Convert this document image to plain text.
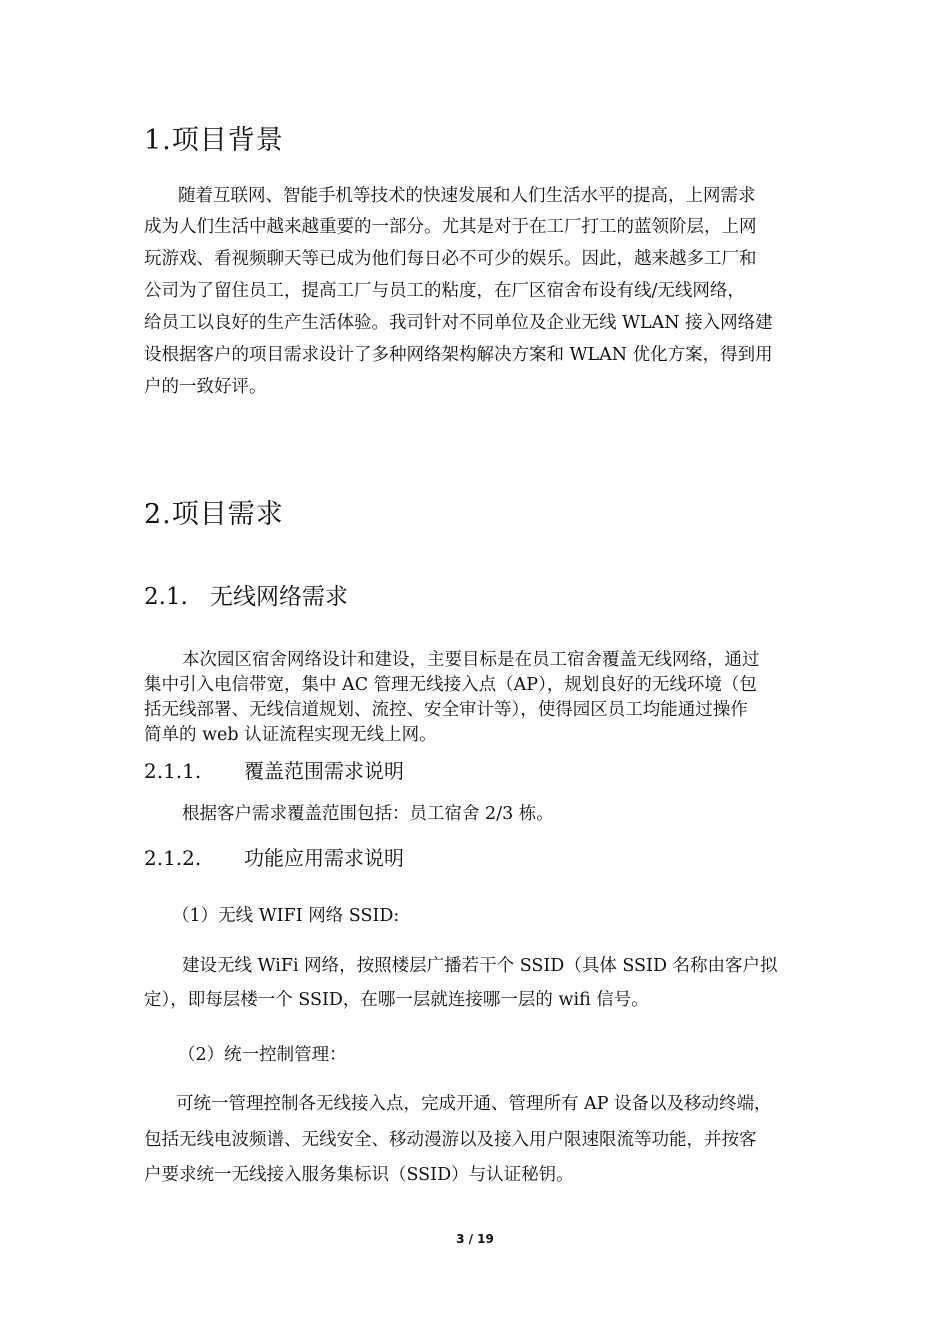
1.项目背景
随着互联网、智能手机等技术的快速发展和人们生活水平的提高，上网需求
成为人们生活中越来越重要的一部分。尤其是对于在工厂打工的蓝领阶层，上网
玩游戏、看视频聊天等已成为他们每日必不可少的娱乐。因此，越来越多工厂和
公司为了留住员工，提高工厂与员工的粘度，在厂区宿舍布设有线/无线网络，
给员工以良好的生产生活体验。我司针对不同单位及企业无线 WLAN 接入网络建
设根据客户的项目需求设计了多种网络架构解决方案和 WLAN 优化方案，得到用
户的一致好评。
2.项目需求
2.1. 无线网络需求
本次园区宿舍网络设计和建设，主要目标是在员工宿舍覆盖无线网络，通过
集中引入电信带宽，集中 AC 管理无线接入点（AP），规划良好的无线环境（包
括无线部署、无线信道规划、流控、安全审计等），使得园区员工均能通过操作
简单的 web 认证流程实现无线上网。
2.1.1. 覆盖范围需求说明
根据客户需求覆盖范围包括：员工宿舍 2/3 栋。
2.1.2. 功能应用需求说明
（1）无线 WIFI 网络 SSID:
建设无线 WiFi 网络，按照楼层广播若干个 SSID（具体 SSID 名称由客户拟
定），即每层楼一个 SSID，在哪一层就连接哪一层的 wifi 信号。
（2）统一控制管理：
可统一管理控制各无线接入点，完成开通、管理所有 AP 设备以及移动终端，
包括无线电波频谱、无线安全、移动漫游以及接入用户限速限流等功能，并按客
户要求统一无线接入服务集标识（SSID）与认证秘钥。
3 / 19
